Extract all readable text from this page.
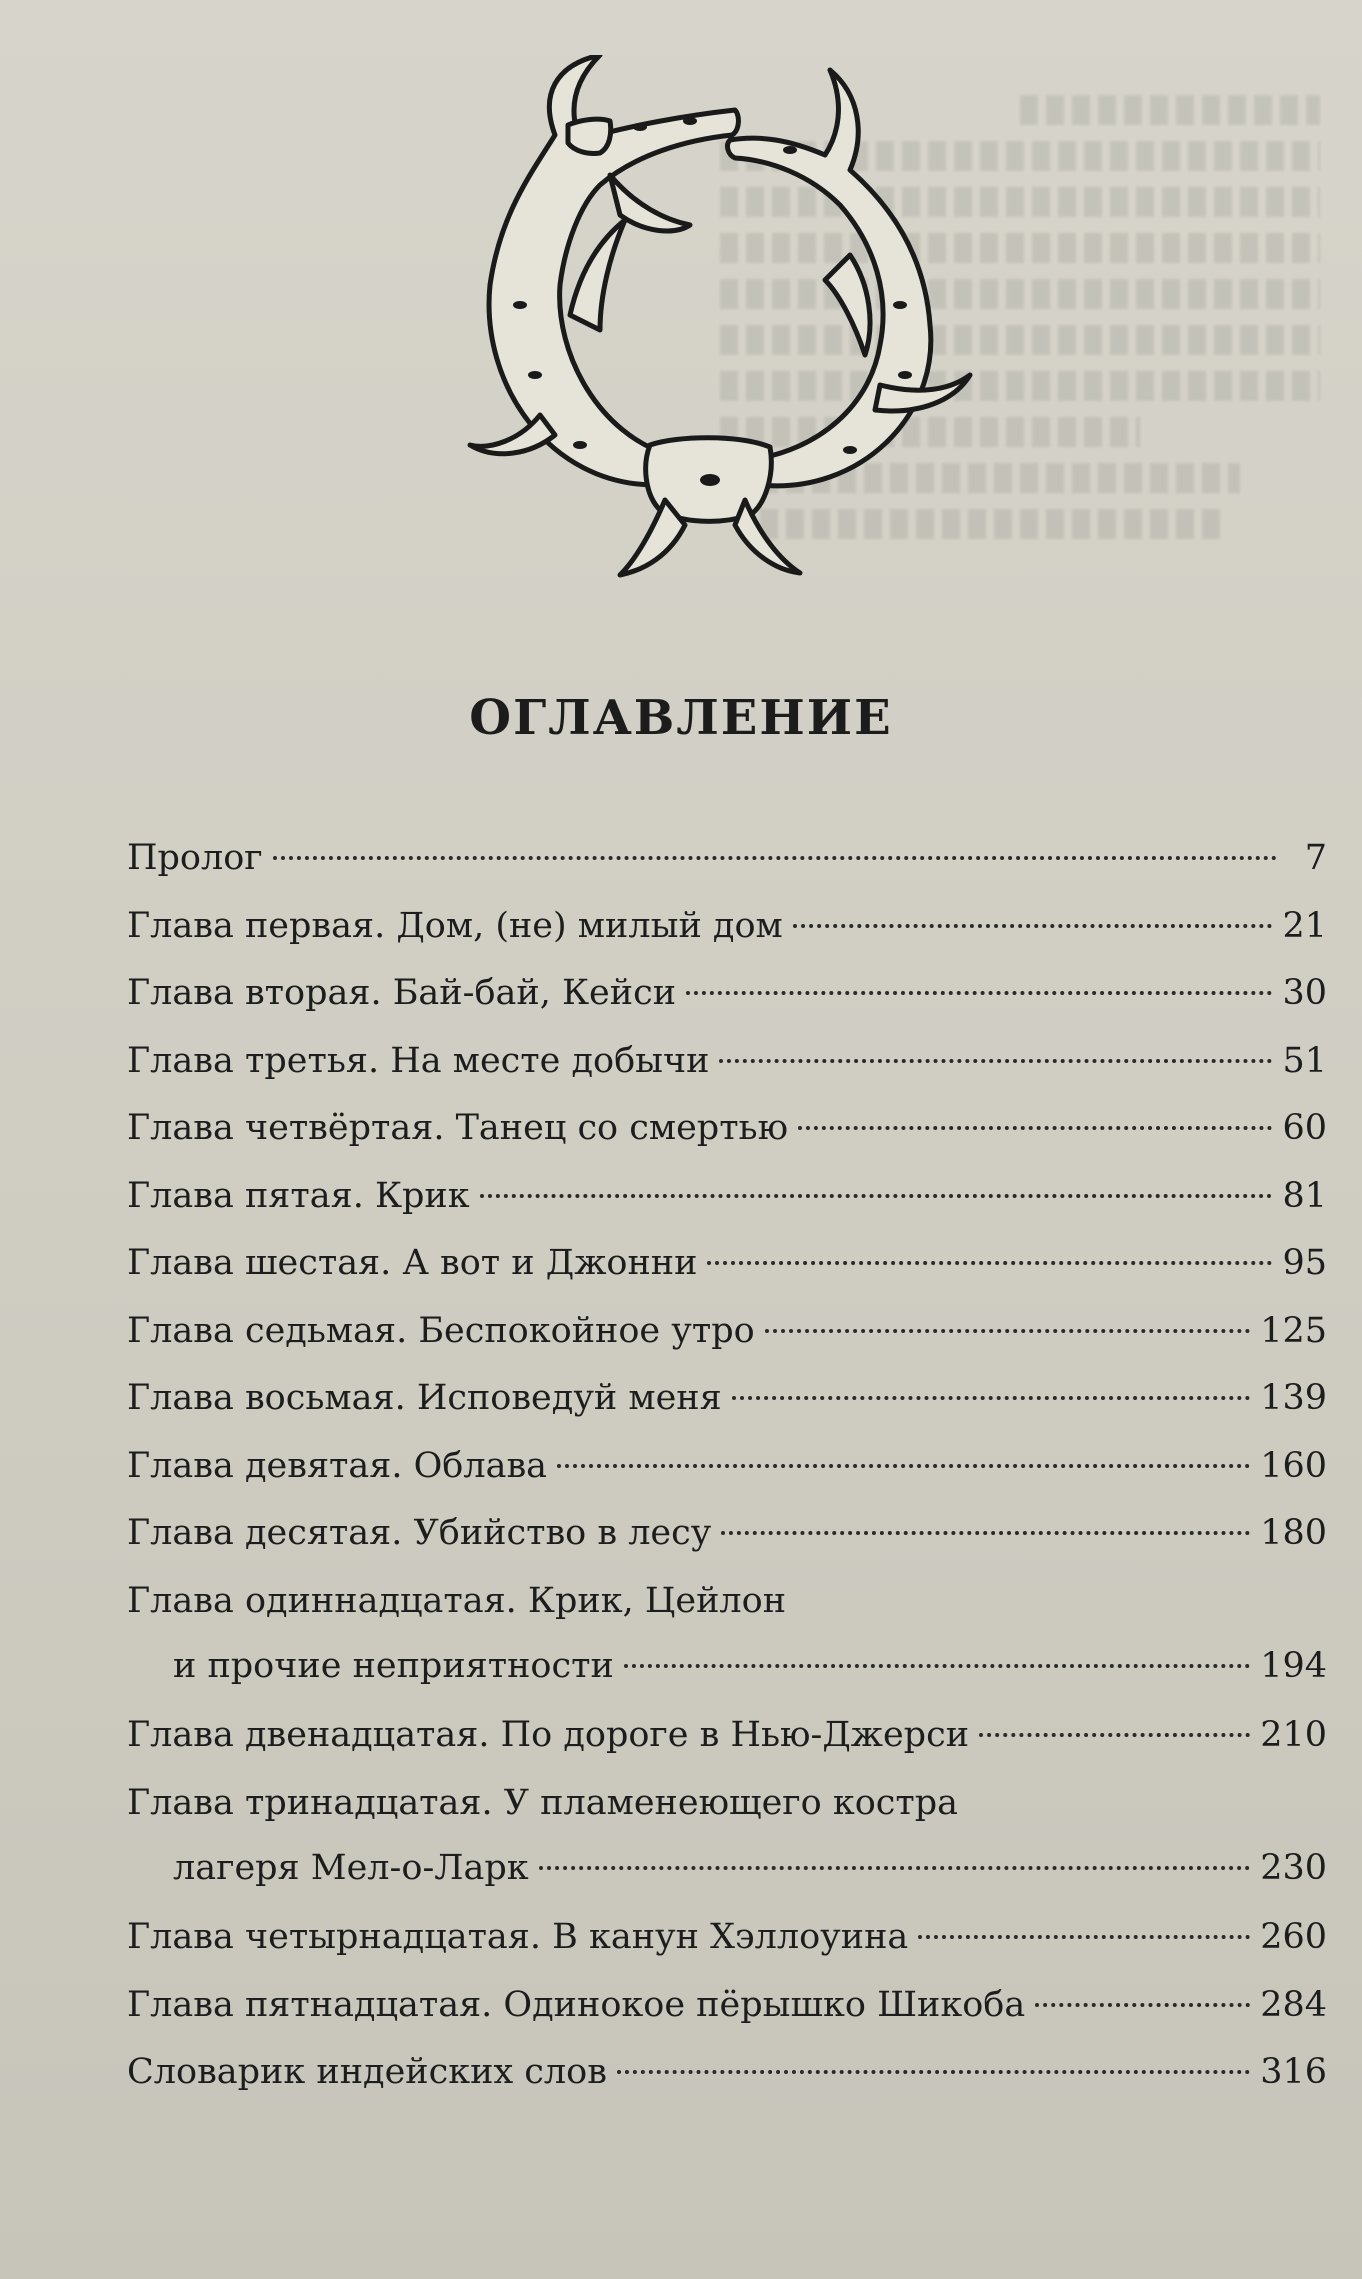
ОГЛАВЛЕНИЕ
Пролог	7
Глава первая. Дом, (не) милый дом	21
Глава вторая. Бай-бай, Кейси	30
Глава третья. На месте добычи	51
Глава четвёртая. Танец со смертью	60
Глава пятая. Крик	81
Глава шестая. А вот и Джонни	95
Глава седьмая. Беспокойное утро	125
Глава восьмая. Исповедуй меня	139
Глава девятая. Облава	160
Глава десятая. Убийство в лесу	180
Глава одиннадцатая. Крик, Цейлон
и прочие неприятности	194
Глава двенадцатая. По дороге в Нью-Джерси	210
Глава тринадцатая. У пламенеющего костра
лагеря Мел-о-Ларк	230
Глава четырнадцатая. В канун Хэллоуина	260
Глава пятнадцатая. Одинокое пёрышко Шикоба	284
Словарик индейских слов	316
